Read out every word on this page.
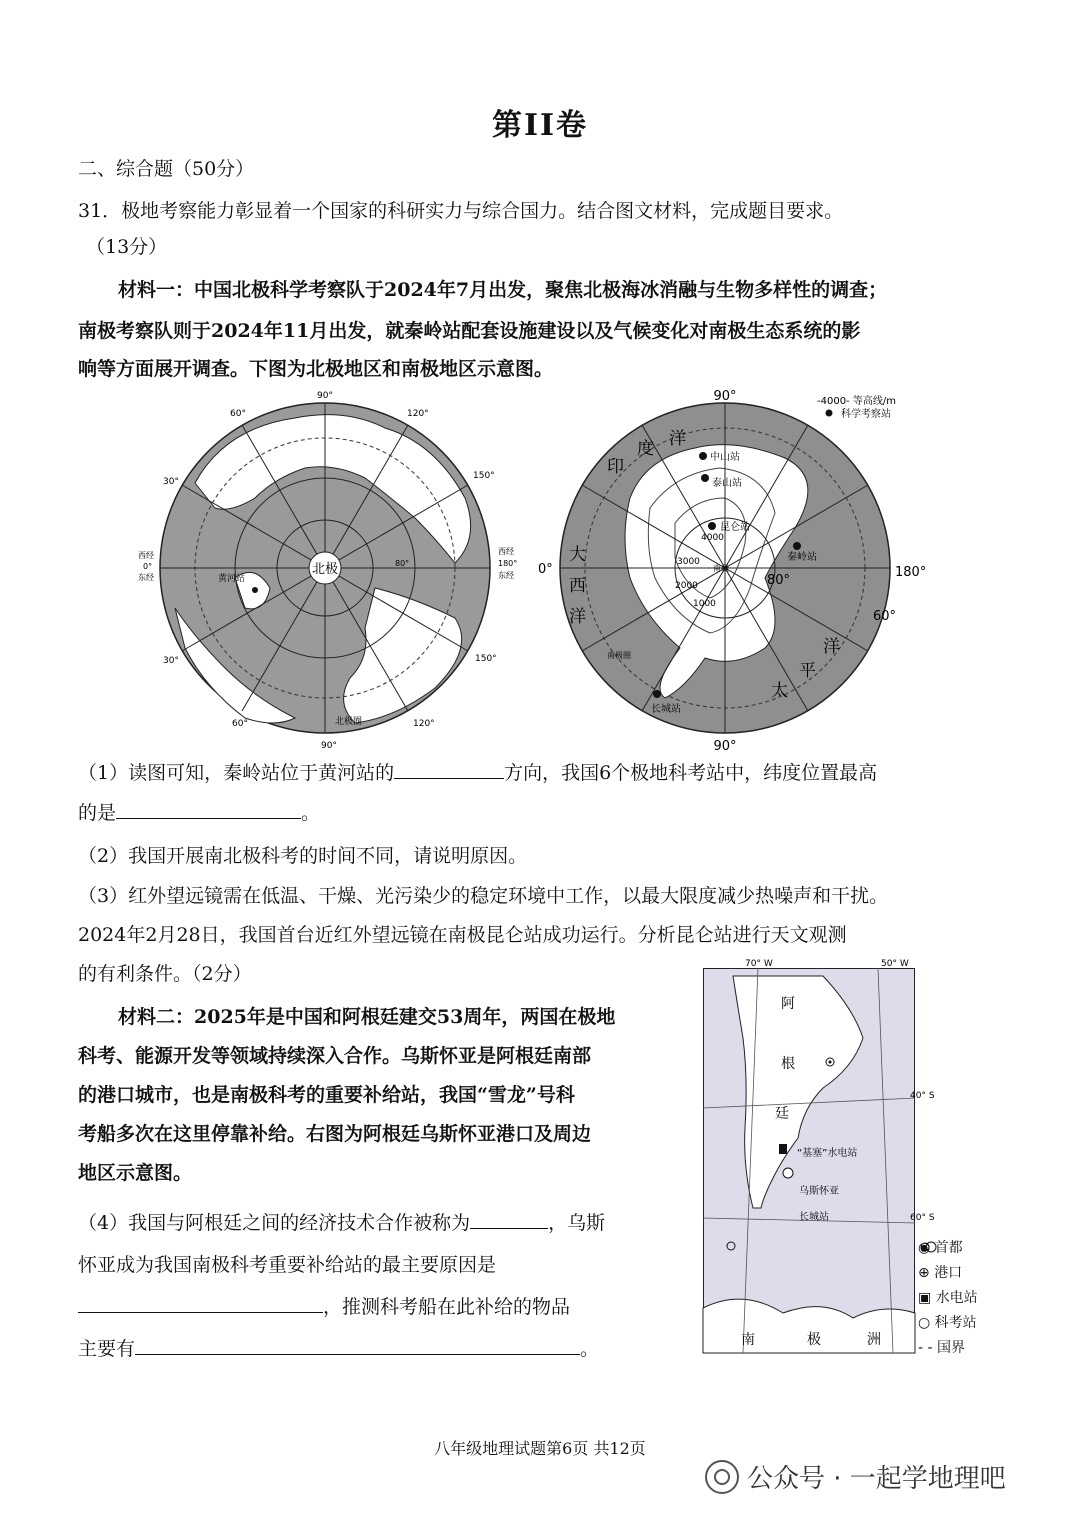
第II卷
二、综合题（50分）
31．极地考察能力彰显着一个国家的科研实力与综合国力。结合图文材料，完成题目要求。
（13分）
材料一：中国北极科学考察队于2024年7月出发，聚焦北极海冰消融与生物多样性的调查；
南极考察队则于2024年11月出发，就秦岭站配套设施建设以及气候变化对南极生态系统的影
响等方面展开调查。下图为北极地区和南极地区示意图。
北极
黄河站
北极圈
90°
60°	120°
30°
150°
30°	150°
60°	120°
90°
西经
0°
东经
西经
180°
东经
80°
90°
90°
0°	180°
60°
80°
印
度 洋
大
西
洋
太
平
洋
中山站
泰山站
昆仑站
秦岭站
长城站
4000
3000
2000
1000
南极
南极圈
-4000- 等高线/m
科学考察站
（1）读图可知，秦岭站位于黄河站的	方向，我国6个极地科考站中，纬度位置最高
的是	。
（2）我国开展南北极科考的时间不同，请说明原因。
（3）红外望远镜需在低温、干燥、光污染少的稳定环境中工作，以最大限度减少热噪声和干扰。
2024年2月28日，我国首台近红外望远镜在南极昆仑站成功运行。分析昆仑站进行天文观测
的有利条件。（2分）
材料二：2025年是中国和阿根廷建交53周年，两国在极地
科考、能源开发等领域持续深入合作。乌斯怀亚是阿根廷南部
的港口城市，也是南极科考的重要补给站，我国“雪龙”号科
考船多次在这里停靠补给。右图为阿根廷乌斯怀亚港口及周边
地区示意图。
（4）我国与阿根廷之间的经济技术合作被称为	，乌斯
怀亚成为我国南极科考重要补给站的最主要原因是
，推测科考船在此补给的物品
主要有	。
70° W	50° W
40° S
60° S
阿
根
廷
“基塞”水电站
乌斯怀亚
长城站
南	极	洲
◉ 首都
⊕ 港口
▣ 水电站
○ 科考站
- - 国界
八年级地理试题第6页 共12页
公众号 · 一起学地理吧
